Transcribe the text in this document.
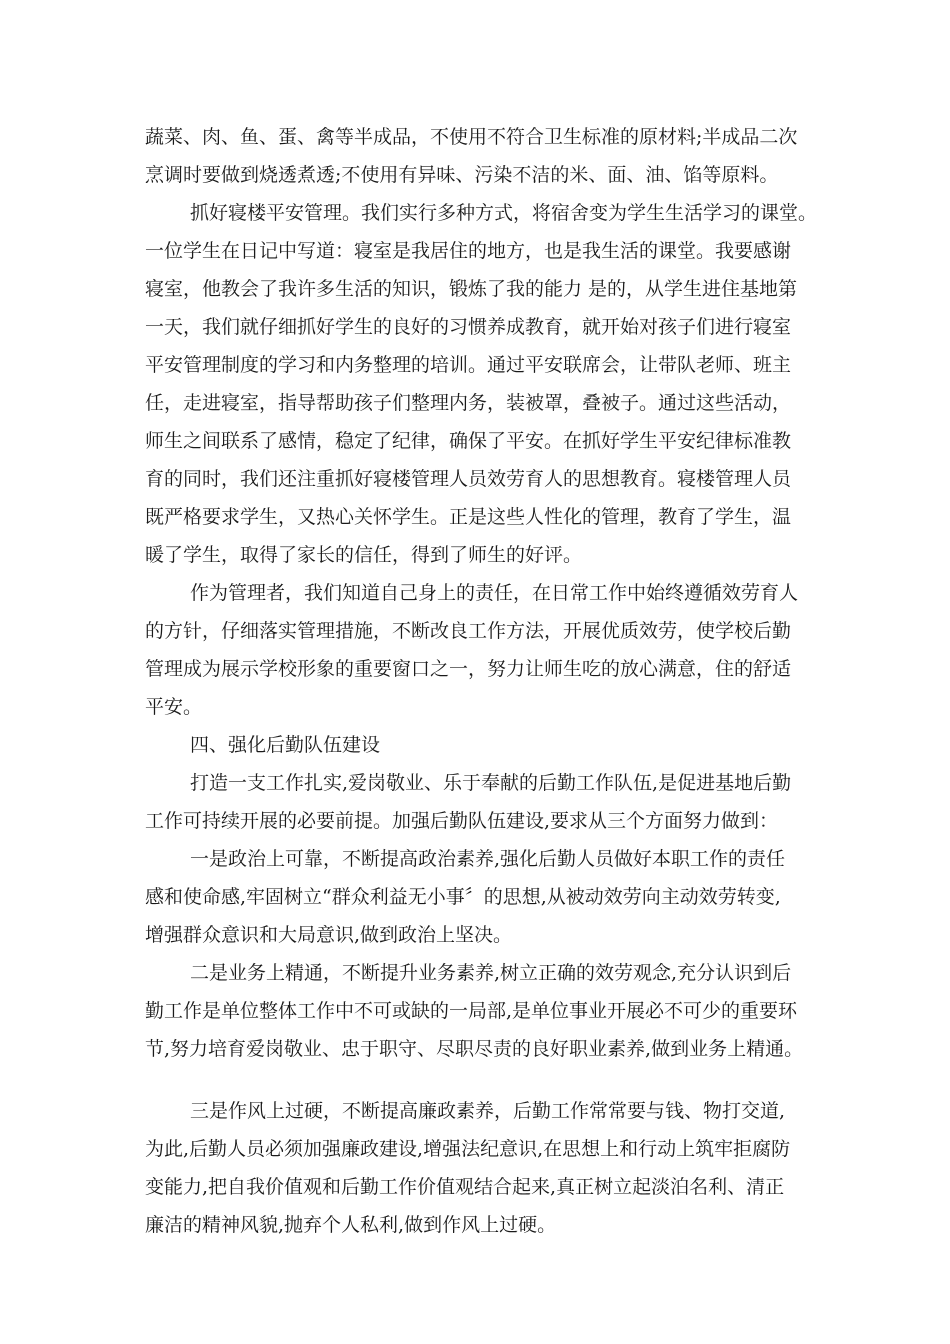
蔬菜、肉、鱼、蛋、禽等半成品，不使用不符合卫生标准的原材料;半成品二次
烹调时要做到烧透煮透;不使用有异味、污染不洁的米、面、油、馅等原料。
抓好寝楼平安管理。我们实行多种方式，将宿舍变为学生生活学习的课堂。
一位学生在日记中写道：寝室是我居住的地方，也是我生活的课堂。我要感谢
寝室，他教会了我许多生活的知识，锻炼了我的能力 是的，从学生进住基地第
一天，我们就仔细抓好学生的良好的习惯养成教育，就开始对孩子们进行寝室
平安管理制度的学习和内务整理的培训。通过平安联席会，让带队老师、班主
任，走进寝室，指导帮助孩子们整理内务，装被罩，叠被子。通过这些活动，
师生之间联系了感情，稳定了纪律，确保了平安。在抓好学生平安纪律标准教
育的同时，我们还注重抓好寝楼管理人员效劳育人的思想教育。寝楼管理人员
既严格要求学生，又热心关怀学生。正是这些人性化的管理，教育了学生，温
暖了学生，取得了家长的信任，得到了师生的好评。
作为管理者，我们知道自己身上的责任，在日常工作中始终遵循效劳育人
的方针，仔细落实管理措施，不断改良工作方法，开展优质效劳，使学校后勤
管理成为展示学校形象的重要窗口之一，努力让师生吃的放心满意，住的舒适
平安。
四、强化后勤队伍建设
打造一支工作扎实,爱岗敬业、乐于奉献的后勤工作队伍,是促进基地后勤
工作可持续开展的必要前提。加强后勤队伍建设,要求从三个方面努力做到：
一是政治上可靠，不断提高政治素养,强化后勤人员做好本职工作的责任
感和使命感,牢固树立“群众利益无小事〞的思想,从被动效劳向主动效劳转变,
增强群众意识和大局意识,做到政治上坚决。
二是业务上精通，不断提升业务素养,树立正确的效劳观念,充分认识到后
勤工作是单位整体工作中不可或缺的一局部,是单位事业开展必不可少的重要环
节,努力培育爱岗敬业、忠于职守、尽职尽责的良好职业素养,做到业务上精通。
三是作风上过硬，不断提高廉政素养，后勤工作常常要与钱、物打交道,
为此,后勤人员必须加强廉政建设,增强法纪意识,在思想上和行动上筑牢拒腐防
变能力,把自我价值观和后勤工作价值观结合起来,真正树立起淡泊名利、清正
廉洁的精神风貌,抛弃个人私利,做到作风上过硬。
